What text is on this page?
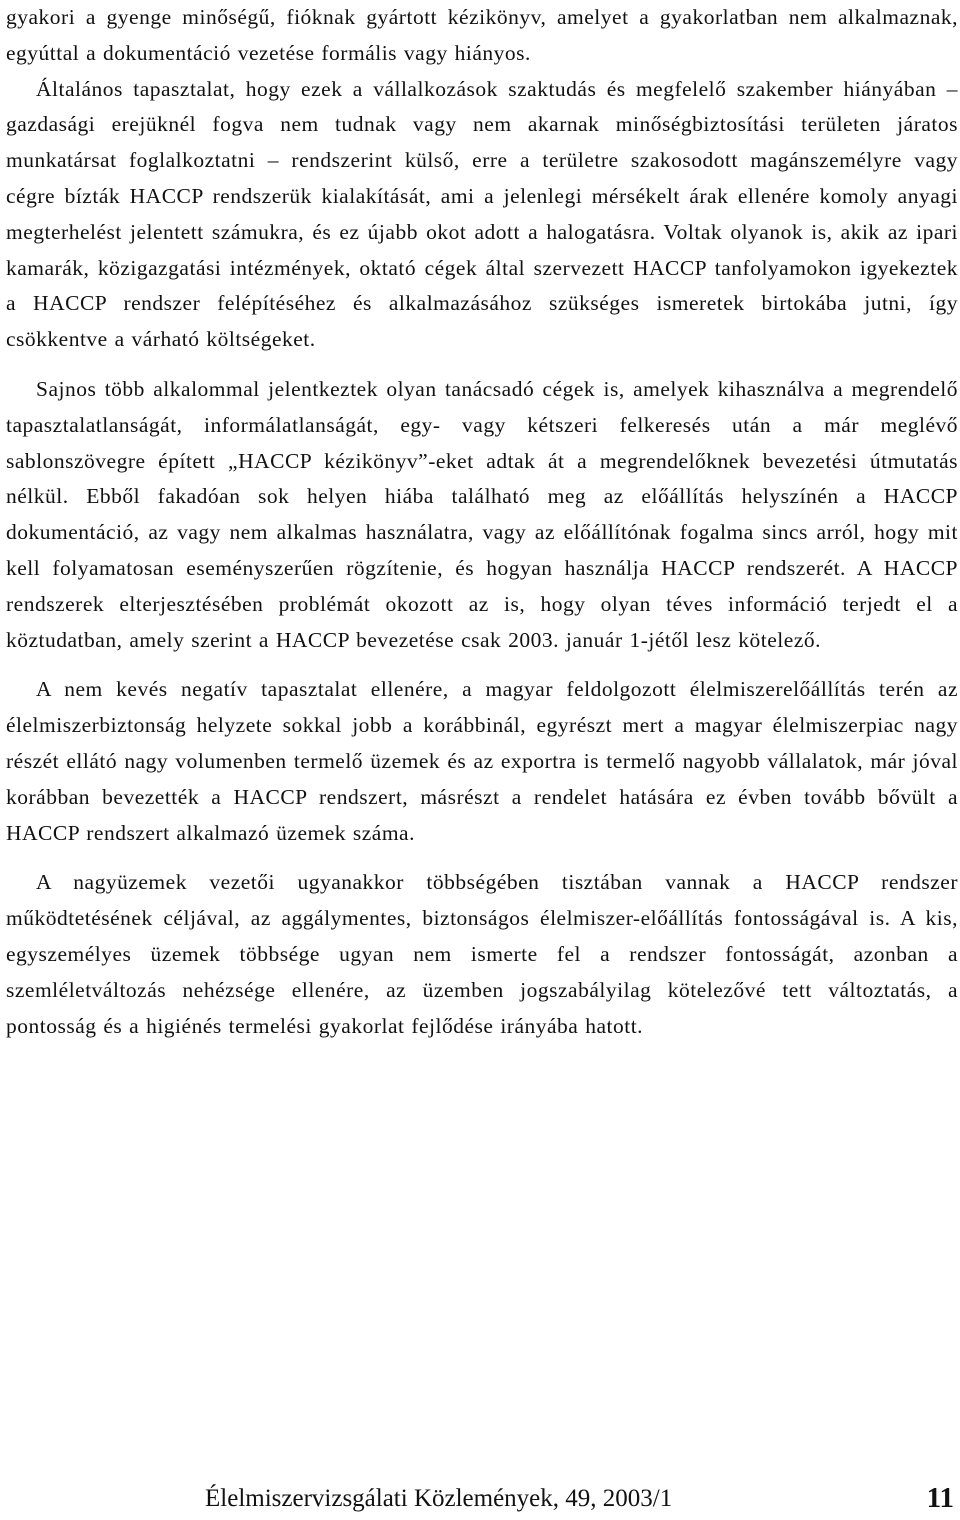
gyakori a gyenge minőségű, fióknak gyártott kézikönyv, amelyet a gyakorlatban nem alkalmaznak, egyúttal a dokumentáció vezetése formális vagy hiányos.

Általános tapasztalat, hogy ezek a vállalkozások szaktudás és megfelelő szakember hiányában – gazdasági erejüknél fogva nem tudnak vagy nem akarnak minőségbiztosítási területen járatos munkatársat foglalkoztatni – rendszerint külső, erre a területre szakosodott magánszemélyre vagy cégre bízták HACCP rendszerük kialakítását, ami a jelenlegi mérsékelt árak ellenére komoly anyagi megterhelést jelentett számukra, és ez újabb okot adott a halogatásra. Voltak olyanok is, akik az ipari kamarák, közigazgatási intézmények, oktató cégek által szervezett HACCP tanfolyamokon igyekeztek a HACCP rendszer felépítéséhez és alkalmazásához szükséges ismeretek birtokába jutni, így csökkentve a várható költségeket.

Sajnos több alkalommal jelentkeztek olyan tanácsadó cégek is, amelyek kihasználva a megrendelő tapasztalatlanságát, informálatlanságát, egy- vagy kétszeri felkeresés után a már meglévő sablonszövegre épített „HACCP kézikönyv”-eket adtak át a megrendelőknek bevezetési útmutatás nélkül. Ebből fakadóan sok helyen hiába található meg az előállítás helyszínén a HACCP dokumentáció, az vagy nem alkalmas használatra, vagy az előállítónak fogalma sincs arról, hogy mit kell folyamatosan eseményszerűen rögzítenie, és hogyan használja HACCP rendszerét. A HACCP rendszerek elterjesztésében problémát okozott az is, hogy olyan téves információ terjedt el a köztudatban, amely szerint a HACCP bevezetése csak 2003. január 1-jétől lesz kötelező.

A nem kevés negatív tapasztalat ellenére, a magyar feldolgozott élelmiszerelőállítás terén az élelmiszerbiztonság helyzete sokkal jobb a korábbinál, egyrészt mert a magyar élelmiszerpiac nagy részét ellátó nagy volumenben termelő üzemek és az exportra is termelő nagyobb vállalatok, már jóval korábban bevezették a HACCP rendszert, másrészt a rendelet hatására ez évben tovább bővült a HACCP rendszert alkalmazó üzemek száma.

A nagyüzemek vezetői ugyanakkor többségében tisztában vannak a HACCP rendszer működtetésének céljával, az aggálymentes, biztonságos élelmiszer-előállítás fontosságával is. A kis, egyszemélyes üzemek többsége ugyan nem ismerte fel a rendszer fontosságát, azonban a szemléletváltozás nehézsége ellenére, az üzemben jogszabályilag kötelezővé tett változtatás, a pontosság és a higiénés termelési gyakorlat fejlődése irányába hatott.

Élelmiszervizsgálati Közlemények, 49, 2003/1	11
